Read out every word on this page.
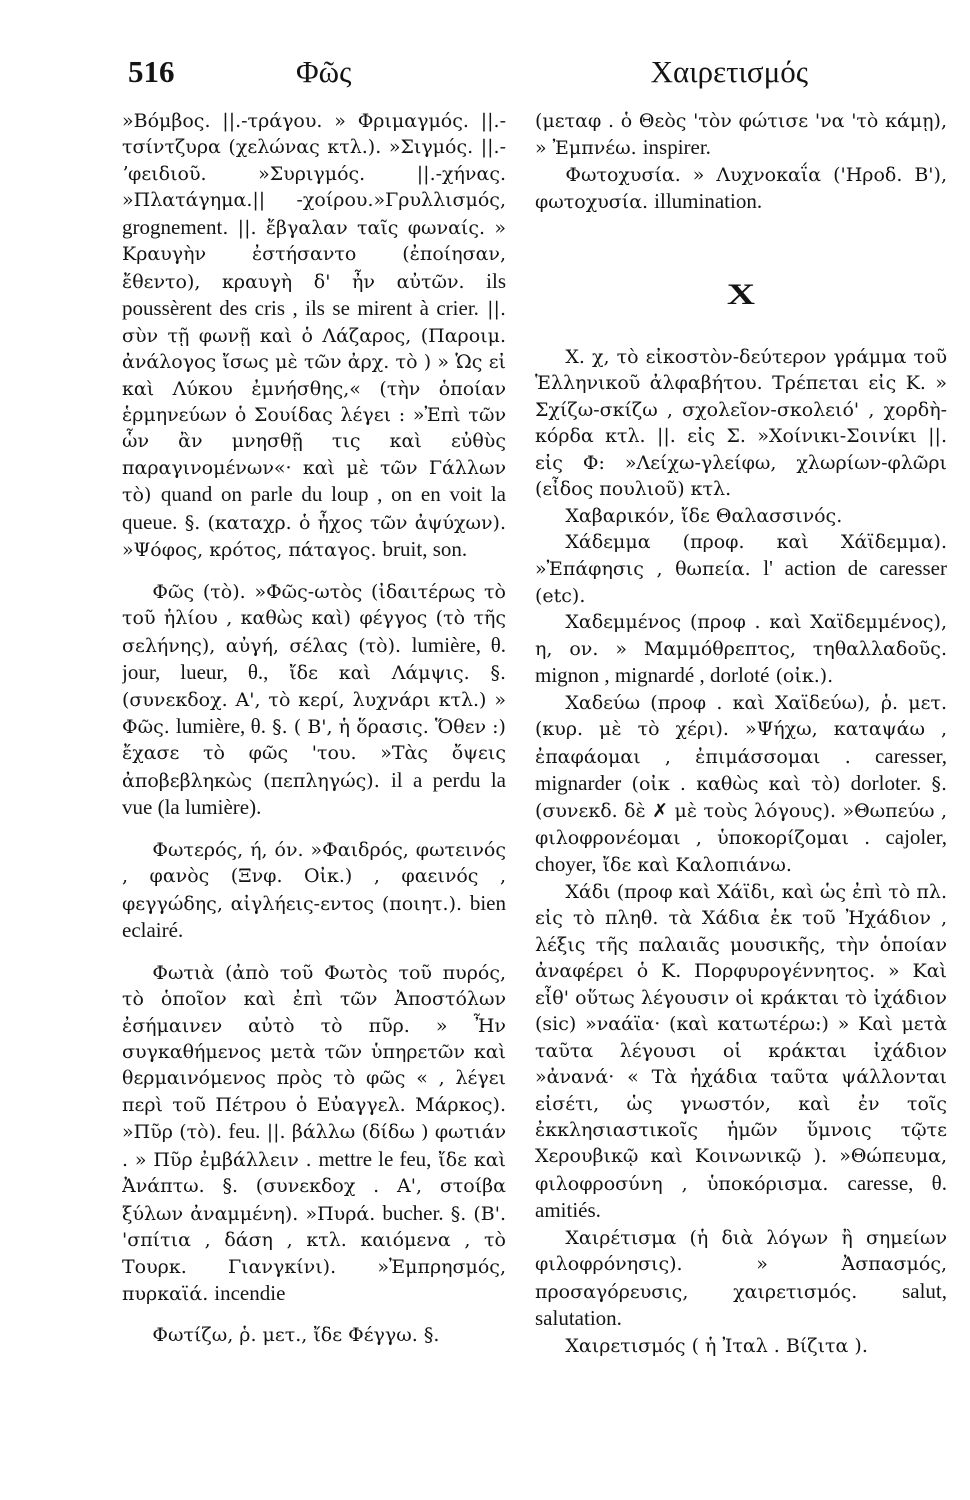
516	Φῶς	Χαιρετισμός

»Βόμβος. ||.-τράγου. » Φριμαγμός. ||.-τσίντζυρα (χελώνας κτλ.). »Σιγμός. ||.-ʼφειδιοῦ. »Συριγμός. ||.-χήνας. »Πλατάγημα.|| -χοίρου.»Γρυλλισμός, grognement. ||. ἔβγαλαν ταῖς φωναίς. » Κραυγὴν ἐστήσαντο (ἐποίησαν, ἔθεντο), κραυγὴ δ' ἦν αὐτῶν. ils poussèrent des cris , ils se mirent à crier. ||. σὺν τῇ φωνῇ καὶ ὁ Λάζαρος, (Παροιμ. ἀνάλογος ἴσως μὲ τῶν ἀρχ. τὸ ) » Ὡς εἰ καὶ Λύκου ἐμνήσθης,« (τὴν ὁποίαν ἑρμηνεύων ὁ Σουίδας λέγει : »Ἐπὶ τῶν ὧν ἂν μνησθῇ τις καὶ εὐθὺς παραγινομένων«· καὶ μὲ τῶν Γάλλων τὸ) quand on parle du loup , on en voit la queue. §. (καταχρ. ὁ ἦχος τῶν ἀψύχων). »Ψόφος, κρότος, πάταγος. bruit, son.

Φῶς (τὸ). »Φῶς-ωτὸς (ἰδαιτέρως τὸ τοῦ ἡλίου , καθὼς καὶ) φέγγος (τὸ τῆς σελήνης), αὐγή, σέλας (τὸ). lumière, θ. jour, lueur, θ., ἴδε καὶ Λάμψις. §. (συνεκδοχ. Α', τὸ κερί, λυχνάρι κτλ.) » Φῶς. lumière, θ. §. ( Β', ἡ ὅρασις. Ὅθεν :) ἔχασε τὸ φῶς 'του. »Τὰς ὄψεις ἀποβεβληκὼς (πεπληγώς). il a perdu la vue (la lumière).

Φωτερός, ή, όν. »Φαιδρός, φωτεινός , φανὸς (Ξνφ. Οἰκ.) , φαεινός , φεγγώδης, αἰγλήεις-εντος (ποιητ.). bien eclairé.

Φωτιὰ (ἀπὸ τοῦ Φωτὸς τοῦ πυρός, τὸ ὁποῖον καὶ ἐπὶ τῶν Ἀποστόλων ἐσήμαινεν αὐτὸ τὸ πῦρ. » Ἦν συγκαθήμενος μετὰ τῶν ὑπηρετῶν καὶ θερμαινόμενος πρὸς τὸ φῶς « , λέγει περὶ τοῦ Πέτρου ὁ Εὐαγγελ. Μάρκος). »Πῦρ (τὸ). feu. ||. βάλλω (δίδω ) φωτιάν . » Πῦρ ἐμβάλλειν . mettre le feu, ἴδε καὶ Ἀνάπτω. §. (συνεκδοχ . Α', στοίβα ξύλων ἀναμμένη). »Πυρά. bucher. §. (Β'. 'σπίτια , δάση , κτλ. καιόμενα , τὸ Τουρκ. Γιανγκίνι). »Ἐμπρησμός, πυρκαϊά. incendie

Φωτίζω, ῥ. μετ., ἴδε Φέγγω. §.

(μεταφ . ὁ Θεὸς 'τὸν φώτισε 'να 'τὸ κάμῃ), » Ἐμπνέω. inspirer.

Φωτοχυσία. » Λυχνοκαΐα ('Ηροδ. Β'), φωτοχυσία. illumination.

X

Χ. χ, τὸ εἰκοστὸν-δεύτερον γράμμα τοῦ Ἑλληνικοῦ ἀλφαβήτου. Τρέπεται εἰς Κ. » Σχίζω-σκίζω , σχολεῖον-σκολειό' , χορδὴ-κόρδα κτλ. ||. εἰς Σ. »Χοίνικι-Σοινίκι ||. εἰς Φ: »Λείχω-γλείφω, χλωρίων-φλῶρι (εἶδος πουλιοῦ) κτλ.

Χαβαρικόν, ἴδε Θαλασσινός.

Χάδεμμα (προφ. καὶ Χάϊδεμμα). »Ἐπάφησις , θωπεία. l' action de caresser (etc).

Χαδεμμένος (προφ . καὶ Χαϊδεμμένος), η, ον. » Μαμμόθρεπτος, τηθαλλαδοῦς. mignon , mignardé , dorloté (οἰκ.).

Χαδεύω (προφ . καὶ Χαϊδεύω), ῥ. μετ. (κυρ. μὲ τὸ χέρι). »Ψήχω, καταψάω , ἐπαφάομαι , ἐπιμάσσομαι . caresser, mignarder (οἰκ . καθὼς καὶ τὸ) dorloter. §. (συνεκδ. δὲ ✗ μὲ τοὺς λόγους). »Θωπεύω , φιλοφρονέομαι , ὑποκορίζομαι . cajoler, choyer, ἴδε καὶ Καλοπιάνω.

Χάδι (προφ καὶ Χάϊδι, καὶ ὡς ἐπὶ τὸ πλ. εἰς τὸ πληθ. τὰ Χάδια ἐκ τοῦ Ἠχάδιον , λέξις τῆς παλαιᾶς μουσικῆς, τὴν ὁποίαν ἀναφέρει ὁ Κ. Πορφυρογέννητος. » Καὶ εἶθ' οὕτως λέγουσιν οἱ κράκται τὸ ἰχάδιον (sic) »ναάϊα· (καὶ κατωτέρω:) » Καὶ μετὰ ταῦτα λέγουσι οἱ κράκται ἰχάδιον »ἀνανά· « Τὰ ἠχάδια ταῦτα ψάλλονται εἰσέτι, ὡς γνωστόν, καὶ ἐν τοῖς ἐκκλησιαστικοῖς ἡμῶν ὕμνοις τῷτε Χερουβικῷ καὶ Κοινωνικῷ ). »Θώπευμα, φιλοφροσύνη , ὑποκόρισμα. caresse, θ. amitiés.

Χαιρέτισμα (ἡ διὰ λόγων ἢ σημείων φιλοφρόνησις). » Ἀσπασμός, προσαγόρευσις, χαιρετισμός. salut, salutation.

Χαιρετισμός ( ἡ Ἰταλ . Βίζιτα ).
